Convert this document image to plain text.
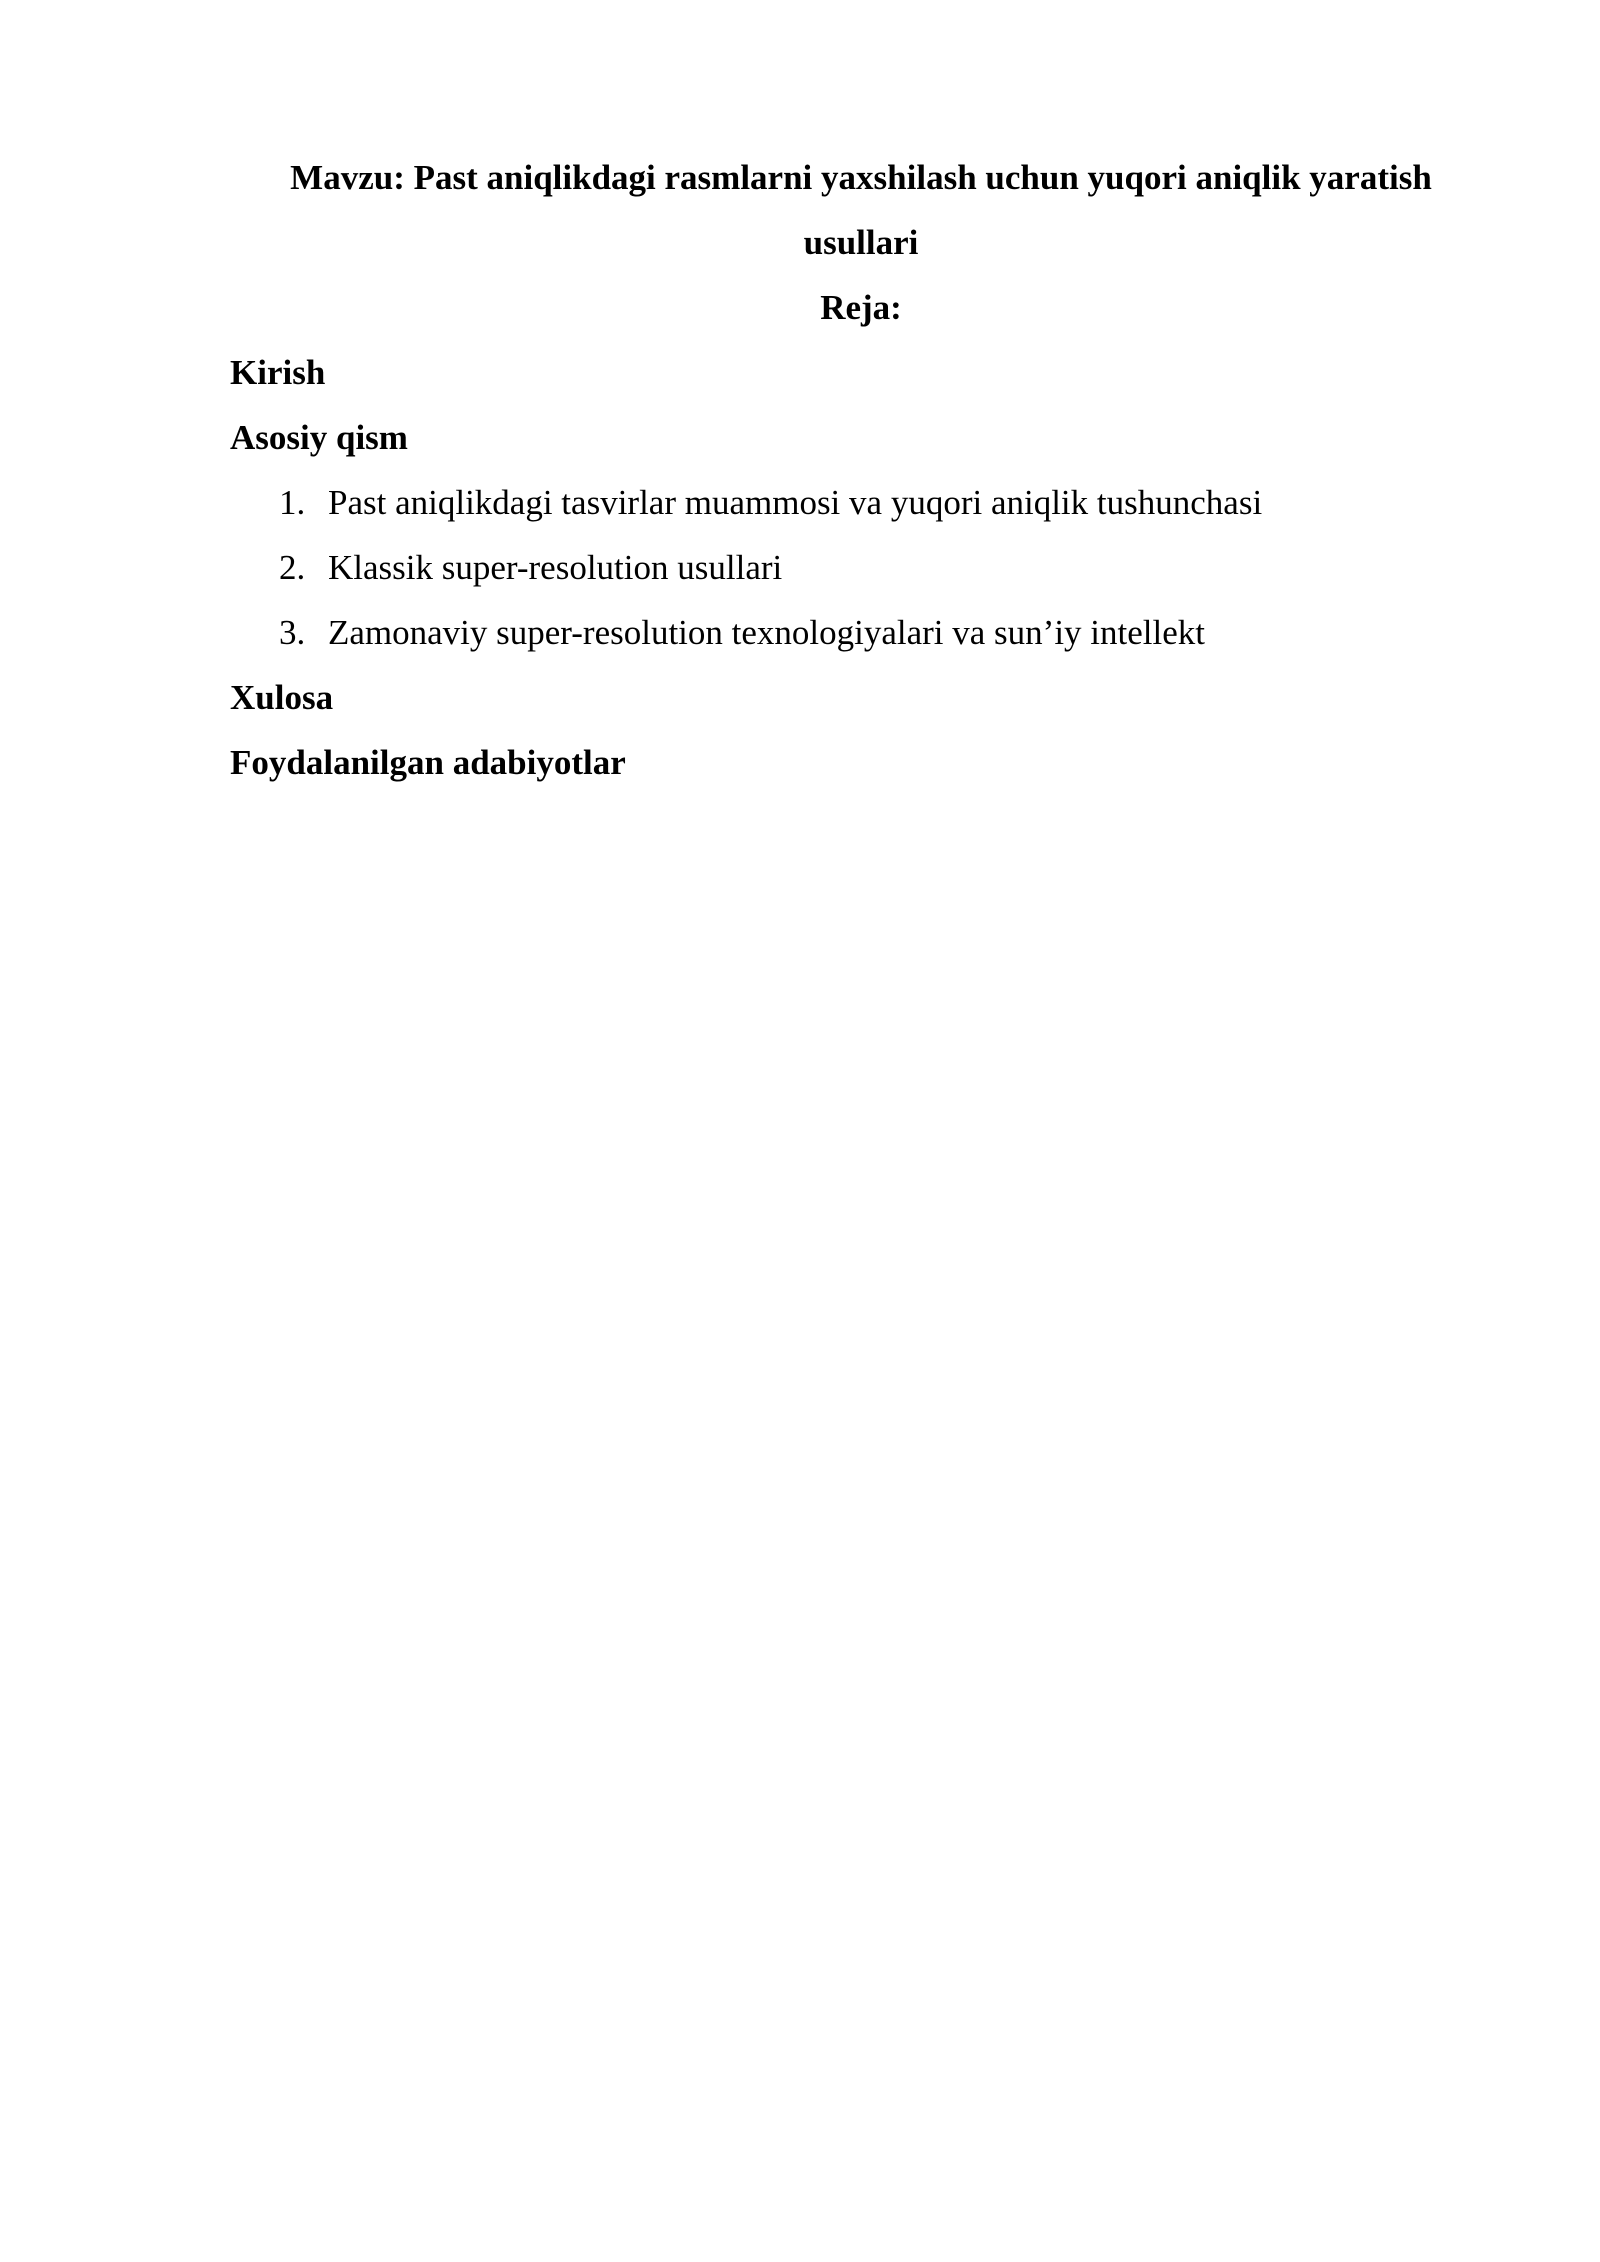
Mavzu: Past aniqlikdagi rasmlarni yaxshilash uchun yuqori aniqlik yaratish usullari

Reja:

Kirish

Asosiy qism

1. Past aniqlikdagi tasvirlar muammosi va yuqori aniqlik tushunchasi
2. Klassik super-resolution usullari
3. Zamonaviy super-resolution texnologiyalari va sun’iy intellekt

Xulosa

Foydalanilgan adabiyotlar
